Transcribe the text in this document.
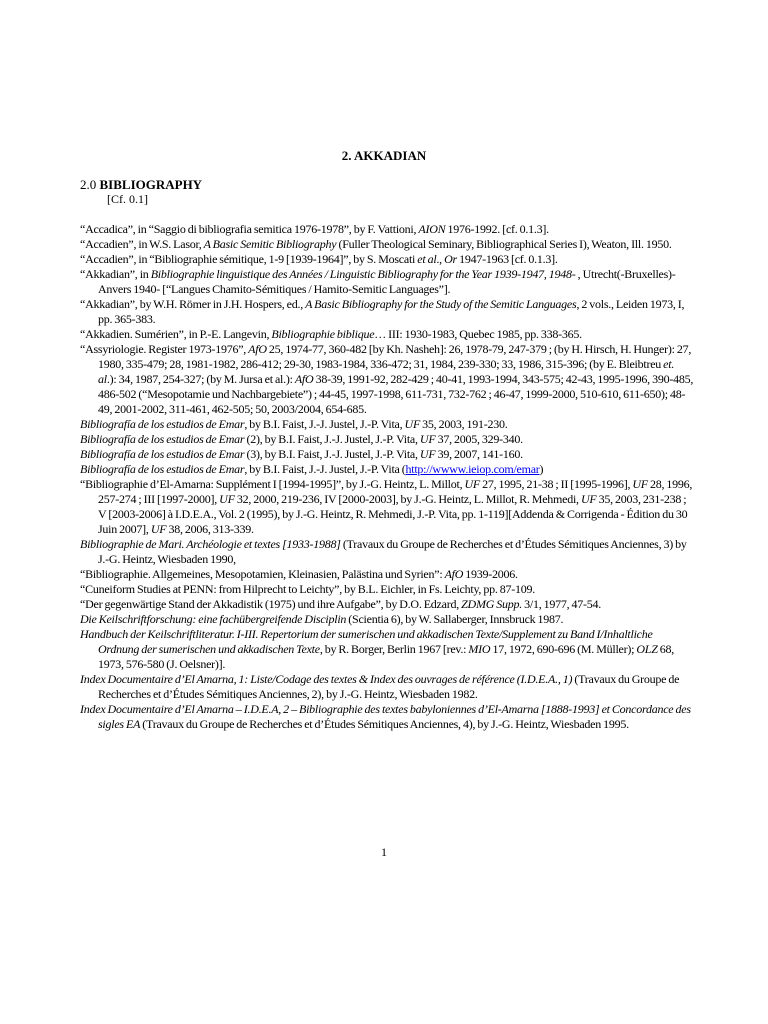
2. AKKADIAN
2.0 BIBLIOGRAPHY
[Cf. 0.1]

“Accadica”, in “Saggio di bibliografia semitica 1976-1978”, by F. Vattioni, AION 1976-1992. [cf. 0.1.3].

“Accadien”, in W.S. Lasor, A Basic Semitic Bibliography (Fuller Theological Seminary, Bibliographical Series I), Weaton, Ill. 1950.

“Accadien”, in “Bibliographie sémitique, 1-9 [1939-1964]”, by S. Moscati et al., Or 1947-1963 [cf. 0.1.3].

“Akkadian”, in Bibliographie linguistique des Années / Linguistic Bibliography for the Year 1939-1947, 1948- , Utrecht(-Bruxelles)-Anvers 1940- [“Langues Chamito-Sémitiques / Hamito-Semitic Languages”].

“Akkadian”, by W.H. Römer in J.H. Hospers, ed., A Basic Bibliography for the Study of the Semitic Languages, 2 vols., Leiden 1973, I, pp. 365-383.

“Akkadien. Sumérien”, in P.-E. Langevin, Bibliographie biblique… III: 1930-1983, Quebec 1985, pp. 338-365.

“Assyriologie. Register 1973-1976”, AfO 25, 1974-77, 360-482 [by Kh. Nasheh]: 26, 1978-79, 247-379 ; (by H. Hirsch, H. Hunger): 27, 1980, 335-479; 28, 1981-1982, 286-412; 29-30, 1983-1984, 336-472; 31, 1984, 239-330; 33, 1986, 315-396; (by E. Bleibtreu et. al.): 34, 1987, 254-327; (by M. Jursa et al.): AfO 38-39, 1991-92, 282-429 ; 40-41, 1993-1994, 343-575; 42-43, 1995-1996, 390-485, 486-502 (“Mesopotamie und Nachbargebiete”) ; 44-45, 1997-1998, 611-731, 732-762 ; 46-47, 1999-2000, 510-610, 611-650); 48-49, 2001-2002, 311-461, 462-505; 50, 2003/2004, 654-685.

Bibliografía de los estudios de Emar, by B.I. Faist, J.-J. Justel, J.-P. Vita, UF 35, 2003, 191-230.

Bibliografía de los estudios de Emar (2), by B.I. Faist, J.-J. Justel, J.-P. Vita, UF 37, 2005, 329-340.

Bibliografía de los estudios de Emar (3), by B.I. Faist, J.-J. Justel, J.-P. Vita, UF 39, 2007, 141-160.

Bibliografía de los estudios de Emar, by B.I. Faist, J.-J. Justel, J.-P. Vita (http://wwww.ieiop.com/emar)

“Bibliographie d’El-Amarna: Supplément I [1994-1995]”, by J.-G. Heintz, L. Millot, UF 27, 1995, 21-38 ; II [1995-1996], UF 28, 1996, 257-274 ; III [1997-2000], UF 32, 2000, 219-236, IV [2000-2003], by J.-G. Heintz, L. Millot, R. Mehmedi, UF 35, 2003, 231-238 ; V [2003-2006] à I.D.E.A., Vol. 2 (1995), by J.-G. Heintz, R. Mehmedi, J.-P. Vita, pp. 1-119][Addenda & Corrigenda - Édition du 30 Juin 2007], UF 38, 2006, 313-339.

Bibliographie de Mari. Archéologie et textes [1933-1988] (Travaux du Groupe de Recherches et d’Études Sémitiques Anciennes, 3) by J.-G. Heintz, Wiesbaden 1990,

“Bibliographie. Allgemeines, Mesopotamien, Kleinasien, Palästina und Syrien”: AfO 1939-2006.

“Cuneiform Studies at PENN: from Hilprecht to Leichty”, by B.L. Eichler, in Fs. Leichty, pp. 87-109.

“Der gegenwärtige Stand der Akkadistik (1975) und ihre Aufgabe”, by D.O. Edzard, ZDMG Supp. 3/1, 1977, 47-54.

Die Keilschriftforschung: eine fachübergreifende Disciplin (Scientia 6), by W. Sallaberger, Innsbruck 1987.

Handbuch der Keilschriftliteratur. I-III. Repertorium der sumerischen und akkadischen Texte/Supplement zu Band I/Inhaltliche Ordnung der sumerischen und akkadischen Texte, by R. Borger, Berlin 1967 [rev.: MIO 17, 1972, 690-696 (M. Müller); OLZ 68, 1973, 576-580 (J. Oelsner)].

Index Documentaire d’El Amarna, 1: Liste/Codage des textes & Index des ouvrages de référence (I.D.E.A., 1) (Travaux du Groupe de Recherches et d’Études Sémitiques Anciennes, 2), by J.-G. Heintz, Wiesbaden 1982.

Index Documentaire d’El Amarna – I.D.E.A, 2 – Bibliographie des textes babyloniennes d’El-Amarna [1888-1993] et Concordance des sigles EA (Travaux du Groupe de Recherches et d’Études Sémitiques Anciennes, 4), by J.-G. Heintz, Wiesbaden 1995.

1
